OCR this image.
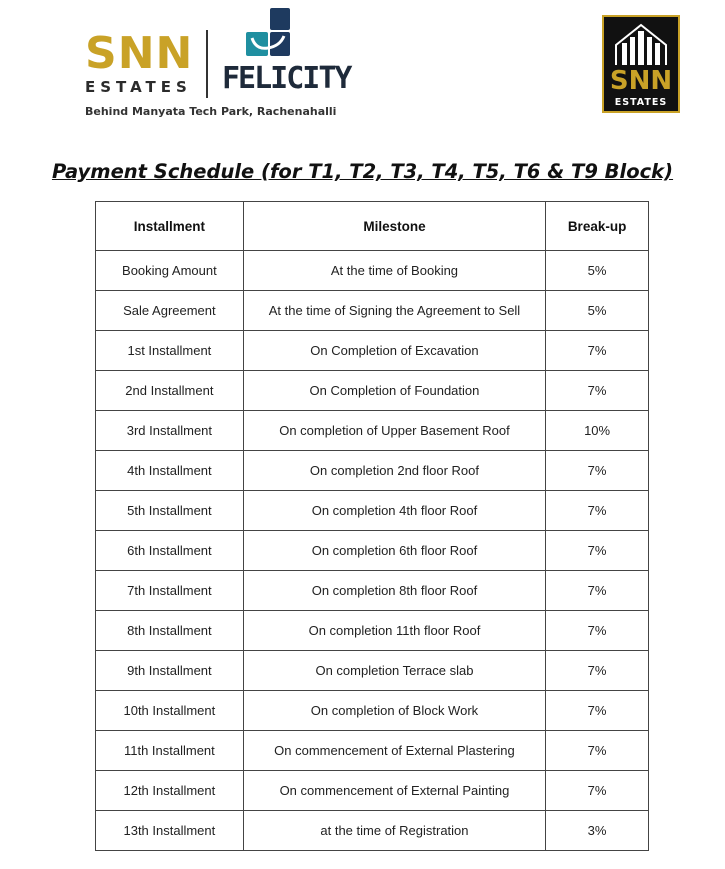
SNN
ESTATES FELICITY
Behind Manyata Tech Park, Rachenahalli
SNN
ESTATES
Payment Schedule (for T1, T2, T3, T4, T5, T6 & T9 Block)
Installment	Milestone	Break-up
Booking Amount	At the time of Booking	5%
Sale Agreement	At the time of Signing the Agreement to Sell	5%
1st Installment	On Completion of Excavation	7%
2nd Installment	On Completion of Foundation	7%
3rd Installment	On completion of Upper Basement Roof	10%
4th Installment	On completion 2nd floor Roof	7%
5th Installment	On completion 4th floor Roof	7%
6th Installment	On completion 6th floor Roof	7%
7th Installment	On completion 8th floor Roof	7%
8th Installment	On completion 11th floor Roof	7%
9th Installment	On completion Terrace slab	7%
10th Installment	On completion of Block Work	7%
11th Installment	On commencement of External Plastering	7%
12th Installment	On commencement of External Painting	7%
13th Installment	at the time of Registration	3%
